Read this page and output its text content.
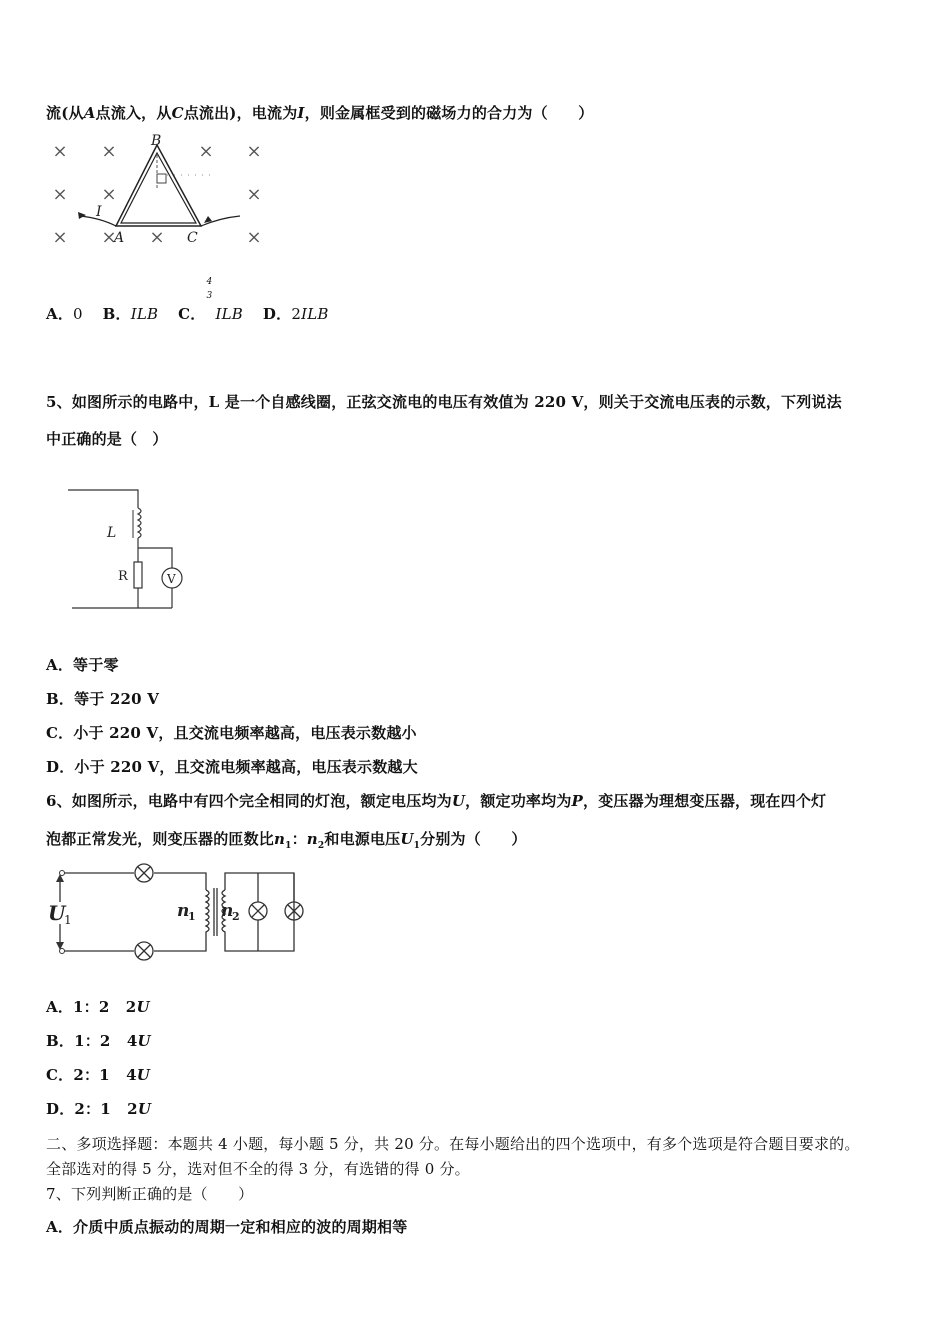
流(从A点流入，从C点流出)，电流为I，则金属框受到的磁场力的合力为（　　）
× ×	× ×
× ×	×
× × ×	×
B
I
A	C
A．0 B．ILB C．
4
3
ILB D．2ILB
5、如图所示的电路中，L 是一个自感线圈，正弦交流电的电压有效值为 220 V，则关于交流电压表的示数，下列说法
中正确的是（　）
L
R	V
A．等于零
B．等于 220 V
C．小于 220 V，且交流电频率越高，电压表示数越小
D．小于 220 V，且交流电频率越高，电压表示数越大
6、如图所示，电路中有四个完全相同的灯泡，额定电压均为U，额定功率均为P，变压器为理想变压器，现在四个灯
泡都正常发光，则变压器的匝数比$n_1$：$n_2$和电源电压$U_1$分别为（　　）
U
1	n
1 n
2
A．1：2 2U
B．1：2 4U
C．2：1 4U
D．2：1 2U
二、多项选择题：本题共 4 小题，每小题 5 分，共 20 分。在每小题给出的四个选项中，有多个选项是符合题目要求的。
全部选对的得 5 分，选对但不全的得 3 分，有选错的得 0 分。
7、下列判断正确的是（　　）
A．介质中质点振动的周期一定和相应的波的周期相等
